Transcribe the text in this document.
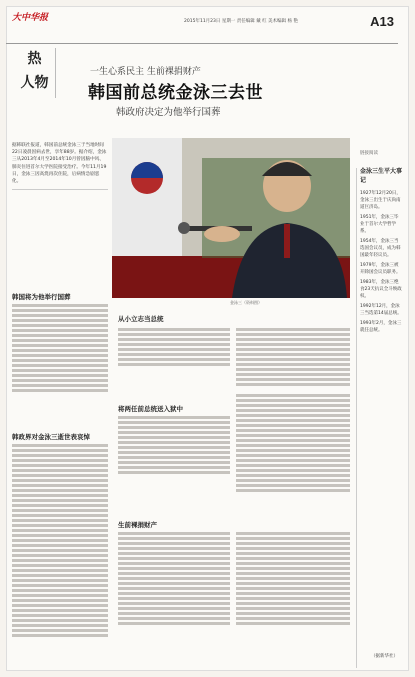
大中华报	2015年11月23日 星期一 责任编辑 戴 红 美术编辑 杨 艳	A13
热
人物
一生心系民主 生前裸捐财产
韩国前总统金泳三去世
韩政府决定为他举行国葬
据韩联社报道，韩国前总统金泳三于当地时间22日凌晨因病去世，享年88岁。据介绍，金泳三从2013年4月至2014年10月曾因脑中风、肺炎住进首尔大学医院接受治疗。今年11月19日，金泳三因高烧再次住院，后病情急剧恶化。
金泳三（资料图）
链接阅读
金泳三生平大事记

1927年12月20日，金泳三出生于庆尚南道巨济岛。

1951年，金泳三毕业于首尔大学哲学系。

1954年，金泳三当选国会议员，成为韩国最年轻议员。

1979年，金泳三被开除国会议员职务。

1983年，金泳三绝食23天抗议全斗焕政权。

1992年12月，金泳三当选第14届总统。

1993年2月，金泳三就任总统。

（据新华社）
韩国将为他举行国葬
韩政界对金泳三逝世表哀悼
从小立志当总统
将两任前总统送入狱中
生前裸捐财产
